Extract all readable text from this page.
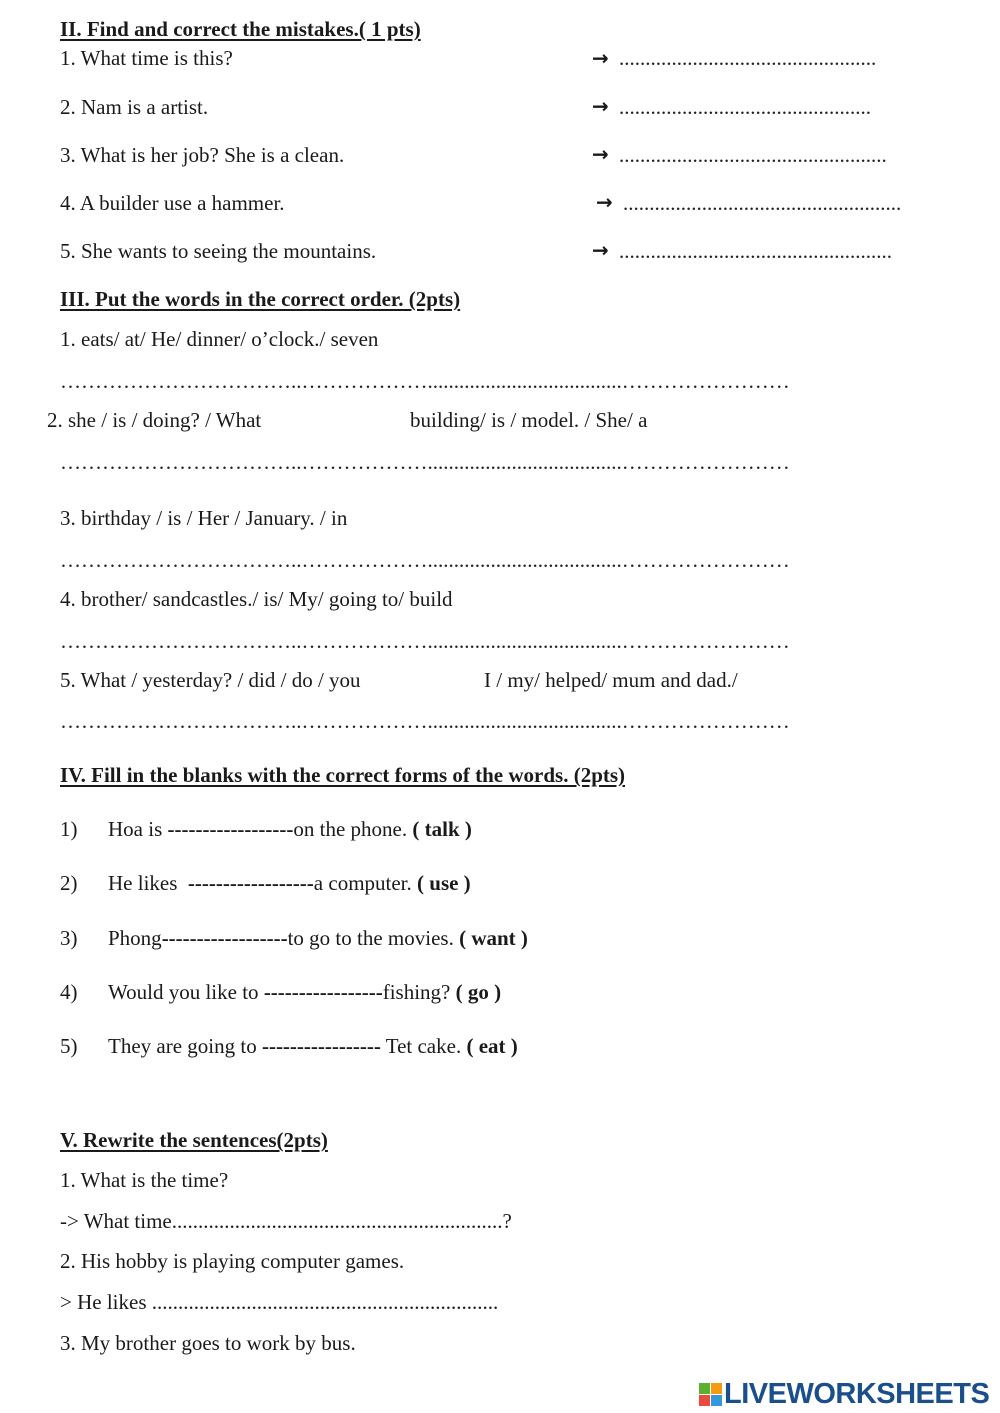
II. Find and correct the mistakes.( 1 pts)
1. What time is this?	→ .................................................
2. Nam is a artist.	→ ................................................
3. What is her job? She is a clean.	→ ...................................................
4. A builder use a hammer.	→ .....................................................
5. She wants to seeing the mountains.	→ ....................................................
III. Put the words in the correct order. (2pts)
1. eats/ at/ He/ dinner/ o’clock./ seven
……………………………..……………….....................................……………………
2. she / is / doing? / What	building/ is / model. / She/ a
……………………………..……………….....................................……………………
3. birthday / is / Her / January. / in
……………………………..……………….....................................……………………
4. brother/ sandcastles./ is/ My/ going to/ build
……………………………..……………….....................................……………………
5. What / yesterday? / did / do / you	I / my/ helped/ mum and dad./
……………………………..……………….....................................……………………
IV. Fill in the blanks with the correct forms of the words. (2pts)
1) Hoa is ------------------on the phone. ( talk )
2) He likes  ------------------a computer. ( use )
3) Phong------------------to go to the movies. ( want )
4) Would you like to -----------------fishing? ( go )
5) They are going to ----------------- Tet cake. ( eat )
V. Rewrite the sentences(2pts)
1. What is the time?
-> What time...............................................................?
2. His hobby is playing computer games.
> He likes ..................................................................
3. My brother goes to work by bus.
LIVEWORKSHEETS
